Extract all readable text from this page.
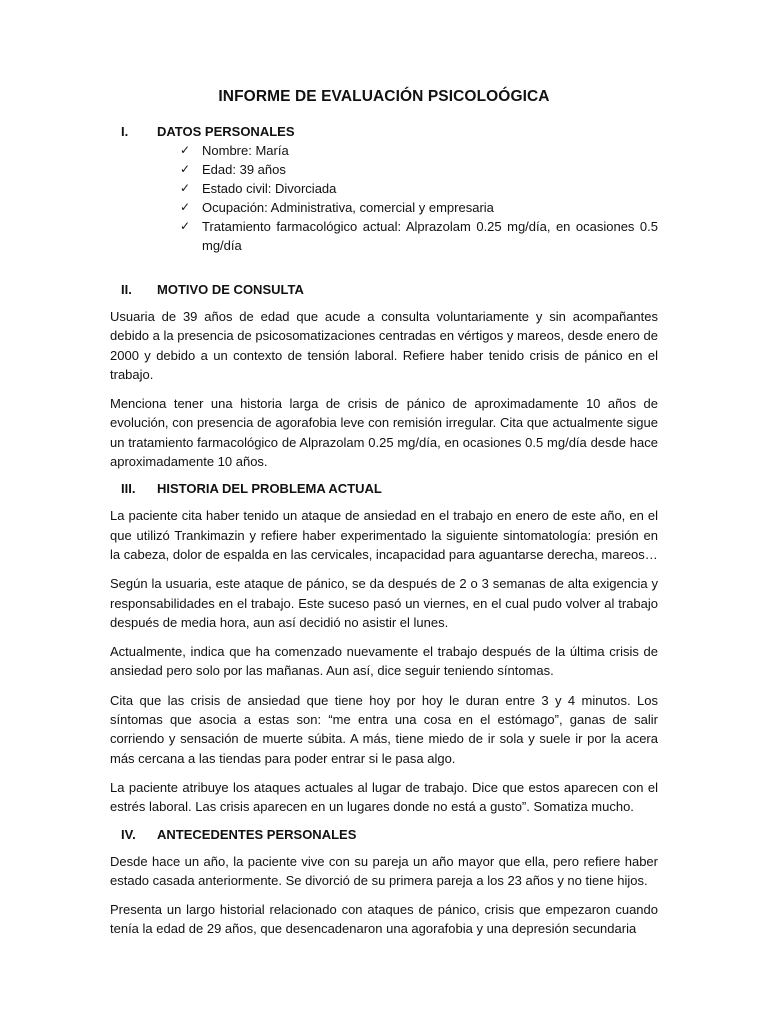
INFORME DE EVALUACIÓN PSICOLOÓGICA
I.	DATOS PERSONALES
✓ Nombre: María
✓ Edad: 39 años
✓ Estado civil: Divorciada
✓ Ocupación: Administrativa, comercial y empresaria
✓ Tratamiento farmacológico actual: Alprazolam 0.25 mg/día, en ocasiones 0.5 mg/día
II.	MOTIVO DE CONSULTA

Usuaria de 39 años de edad que acude a consulta voluntariamente y sin acompañantes debido a la presencia de psicosomatizaciones centradas en vértigos y mareos, desde enero de 2000 y debido a un contexto de tensión laboral. Refiere haber tenido crisis de pánico en el trabajo.

Menciona tener una historia larga de crisis de pánico de aproximadamente 10 años de evolución, con presencia de agorafobia leve con remisión irregular. Cita que actualmente sigue un tratamiento farmacológico de Alprazolam 0.25 mg/día, en ocasiones 0.5 mg/día desde hace aproximadamente 10 años.

III.	HISTORIA DEL PROBLEMA ACTUAL

La paciente cita haber tenido un ataque de ansiedad en el trabajo en enero de este año, en el que utilizó Trankimazin y refiere haber experimentado la siguiente sintomatología: presión en la cabeza, dolor de espalda en las cervicales, incapacidad para aguantarse derecha, mareos…

Según la usuaria, este ataque de pánico, se da después de 2 o 3 semanas de alta exigencia y responsabilidades en el trabajo. Este suceso pasó un viernes, en el cual pudo volver al trabajo después de media hora, aun así decidió no asistir el lunes.

Actualmente, indica que ha comenzado nuevamente el trabajo después de la última crisis de ansiedad pero solo por las mañanas. Aun así, dice seguir teniendo síntomas.

Cita que las crisis de ansiedad que tiene hoy por hoy le duran entre 3 y 4 minutos. Los síntomas que asocia a estas son: “me entra una cosa en el estómago”, ganas de salir corriendo y sensación de muerte súbita. A más, tiene miedo de ir sola y suele ir por la acera más cercana a las tiendas para poder entrar si le pasa algo.

La paciente atribuye los ataques actuales al lugar de trabajo. Dice que estos aparecen con el estrés laboral. Las crisis aparecen en un lugares donde no está a gusto”. Somatiza mucho.

IV.	ANTECEDENTES PERSONALES

Desde hace un año, la paciente vive con su pareja un año mayor que ella, pero refiere haber estado casada anteriormente. Se divorció de su primera pareja a los 23 años y no tiene hijos.

Presenta un largo historial relacionado con ataques de pánico, crisis que empezaron cuando tenía la edad de 29 años, que desencadenaron una agorafobia y una depresión secundaria
